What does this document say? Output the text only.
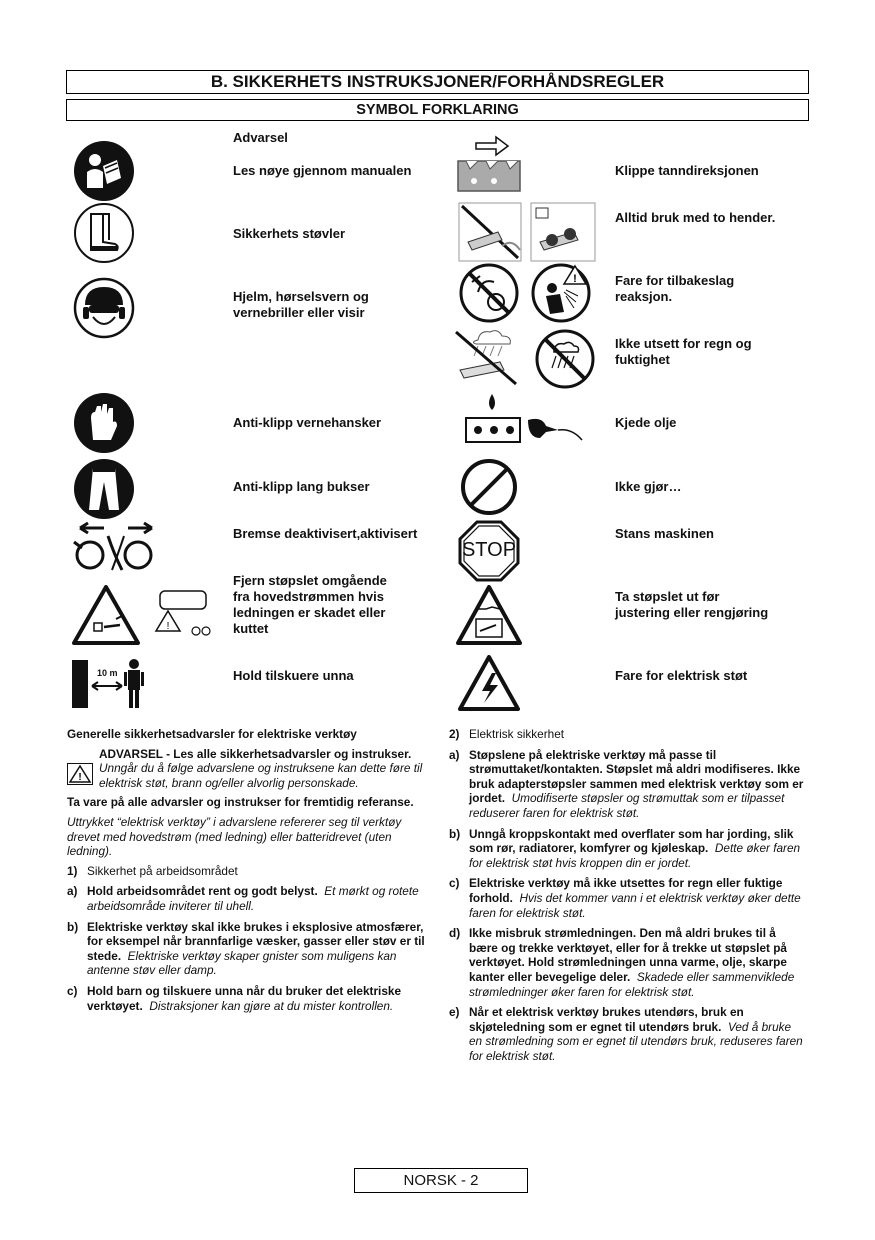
B. SIKKERHETS INSTRUKSJONER/FORHÅNDSREGLER
SYMBOL FORKLARING
Advarsel
Les nøye gjennom manualen
Sikkerhets støvler
Hjelm, hørselsvern og vernebriller eller visir
Anti-klipp vernehansker
Anti-klipp lang bukser
Bremse deaktivisert,aktivisert
!
Fjern støpslet omgående fra hovedstrømmen hvis ledningen er skadet eller kuttet
10 m	Hold tilskuere unna
Klippe tanndireksjonen
Alltid bruk med to hender.
!	Fare for tilbakeslag reaksjon.
Ikke utsett for regn og fuktighet
Kjede olje
Ikke gjør…
STOP
Stans maskinen
Ta støpslet ut før justering eller rengjøring
Fare for elektrisk støt

Generelle sikkerhetsadvarsler for elektriske verktøy

!
ADVARSEL - Les alle sikkerhetsadvarsler og instrukser. Unngår du å følge advarslene og instruksene kan dette føre til elektrisk støt, brann og/eller alvorlig personskade.

Ta vare på alle advarsler og instrukser for fremtidig referanse.

Uttrykket “elektrisk verktøy” i advarslene refererer seg til verktøy drevet med hovedstrøm (med ledning) eller batteridrevet (uten ledning).

1) Sikkerhet på arbeidsområdet
a) Hold arbeidsområdet rent og godt belyst. Et mørkt og rotete arbeidsområde inviterer til uhell.
b) Elektriske verktøy skal ikke brukes i eksplosive atmosfærer, for eksempel når brannfarlige væsker, gasser eller støv er til stede. Elektriske verktøy skaper gnister som muligens kan antenne støv eller damp.
c) Hold barn og tilskuere unna når du bruker det elektriske verktøyet. Distraksjoner kan gjøre at du mister kontrollen.
2) Elektrisk sikkerhet
a) Støpslene på elektriske verktøy må passe til strømuttaket/kontakten. Støpslet må aldri modifiseres. Ikke bruk adapterstøpsler sammen med elektrisk verktøy som er jordet. Umodifiserte støpsler og strømuttak som er tilpasset reduserer faren for elektrisk støt.
b) Unngå kroppskontakt med overflater som har jording, slik som rør, radiatorer, komfyrer og kjøleskap. Dette øker faren for elektrisk støt hvis kroppen din er jordet.
c) Elektriske verktøy må ikke utsettes for regn eller fuktige forhold. Hvis det kommer vann i et elektrisk verktøy øker dette faren for elektrisk støt.
d) Ikke misbruk strømledningen. Den må aldri brukes til å bære og trekke verktøyet, eller for å trekke ut støpslet på verktøyet. Hold strømledningen unna varme, olje, skarpe kanter eller bevegelige deler. Skadede eller sammenviklede strømledninger øker faren for elektrisk støt.
e) Når et elektrisk verktøy brukes utendørs, bruk en skjøteledning som er egnet til utendørs bruk. Ved å bruke en strømledning som er egnet til utendørs bruk, reduseres faren for elektrisk støt.
NORSK - 2
